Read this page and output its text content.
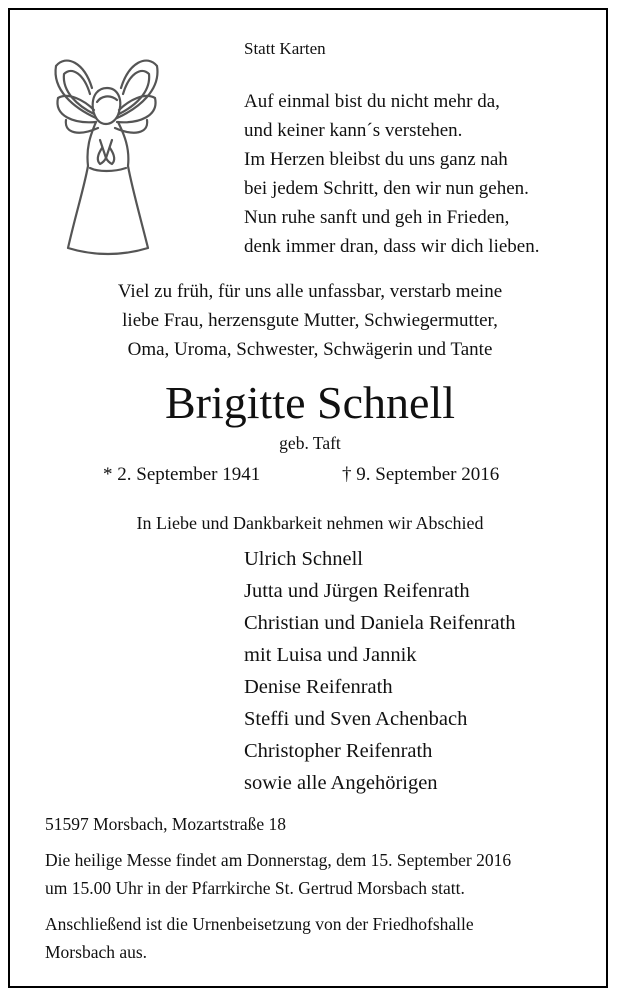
Statt Karten

Auf einmal bist du nicht mehr da,

und keiner kann´s verstehen.

Im Herzen bleibst du uns ganz nah

bei jedem Schritt, den wir nun gehen.

Nun ruhe sanft und geh in Frieden,

denk immer dran, dass wir dich lieben.

Viel zu früh, für uns alle unfassbar, verstarb meine

liebe Frau, herzensgute Mutter, Schwiegermutter,

Oma, Uroma, Schwester, Schwägerin und Tante

Brigitte Schnell

geb. Taft

* 2. September 1941	† 9. September 2016

In Liebe und Dankbarkeit nehmen wir Abschied

Ulrich Schnell

Jutta und Jürgen Reifenrath

Christian und Daniela Reifenrath

mit Luisa und Jannik

Denise Reifenrath

Steffi und Sven Achenbach

Christopher Reifenrath

sowie alle Angehörigen

51597 Morsbach, Mozartstraße 18

Die heilige Messe findet am Donnerstag, dem 15. September 2016

um 15.00 Uhr in der Pfarrkirche St. Gertrud Morsbach statt.

Anschließend ist die Urnenbeisetzung von der Friedhofshalle

Morsbach aus.
